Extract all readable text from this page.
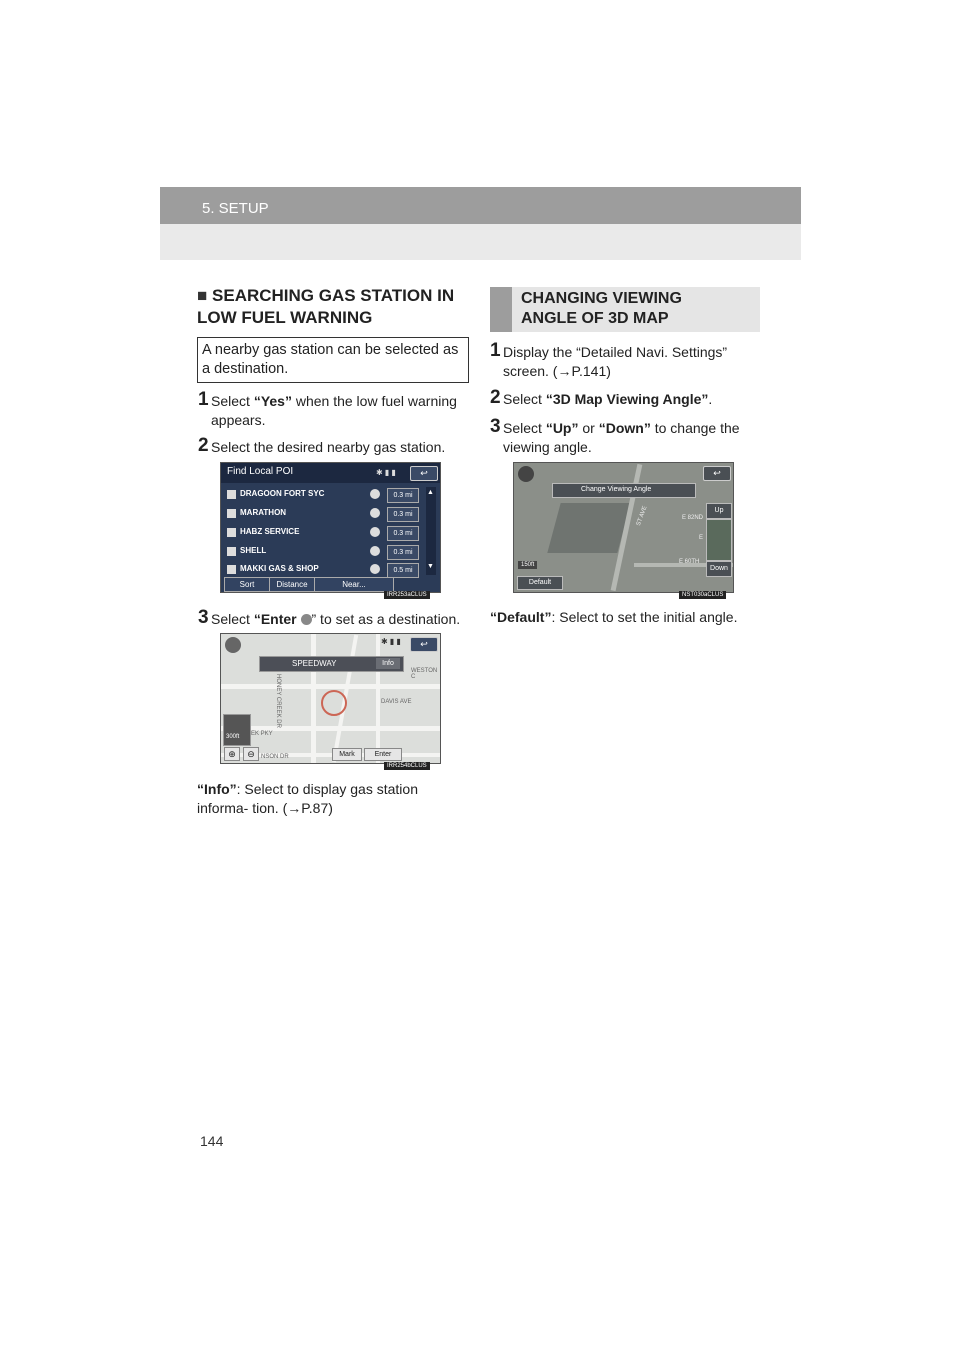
5. SETUP
■ SEARCHING GAS STATION IN LOW FUEL WARNING
A nearby gas station can be selected as a destination.
1 Select “Yes” when the low fuel warning appears.
2 Select the desired nearby gas station.
Find Local POI	✱ ▮ ▮	↩
DRAGOON FORT SYC	0.3 mi
MARATHON	0.3 mi
HABZ SERVICE	0.3 mi
SHELL	0.3 mi
MAKKI GAS & SHOP	0.5 mi
▲
▼
Sort	Distance	Near...
IRR253aCLUS
3 Select “Enter ” to set as a destination.
WESTON C
DAVIS AVE
HONEY CREEK DR
EK PKY
NSON DR
✱ ▮ ▮	↩
SPEEDWAY	Info
300ft
⊕	⊖	Mark	Enter
IRR254bCLUS
“Info”: Select to display gas station informa- tion. (→P.87)
CHANGING VIEWING ANGLE OF 3D MAP
1 Display the “Detailed Navi. Settings” screen. (→P.141)
2 Select “3D Map Viewing Angle”.
3 Select “Up” or “Down” to change the viewing angle.
E 82ND
E 60TH
E
ST AVE
↩
Change Viewing Angle
Up
Down
150ft
Default
NST030aCLUS
“Default”: Select to set the initial angle.
144
